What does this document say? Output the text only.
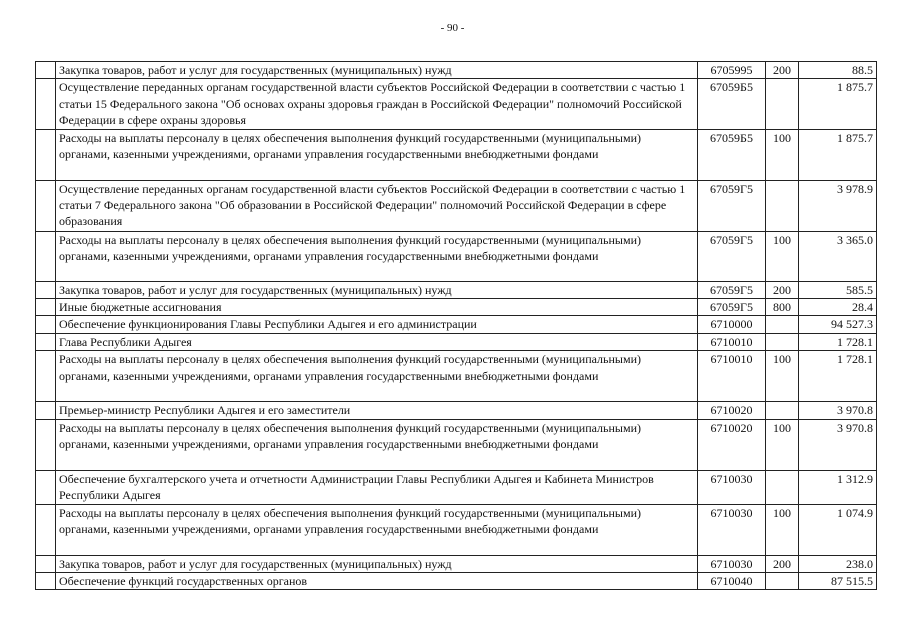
- 90 -
	Закупка товаров, работ и услуг для государственных (муниципальных) нужд	6705995	200	88.5
	Осуществление переданных органам государственной власти субъектов Российской Федерации в соответствии с частью 1 статьи 15 Федерального закона "Об основах охраны здоровья граждан в Российской Федерации" полномочий Российской Федерации в сфере охраны здоровья	67059Б5		1 875.7
	Расходы на выплаты персоналу в целях обеспечения выполнения функций государственными (муниципальными) органами, казенными учреждениями, органами управления государственными внебюджетными фондами	67059Б5	100	1 875.7
	Осуществление переданных органам государственной власти субъектов Российской Федерации в соответствии с частью 1 статьи 7 Федерального закона "Об образовании в Российской Федерации" полномочий Российской Федерации в сфере образования	67059Г5		3 978.9
	Расходы на выплаты персоналу в целях обеспечения выполнения функций государственными (муниципальными) органами, казенными учреждениями, органами управления государственными внебюджетными фондами	67059Г5	100	3 365.0
	Закупка товаров, работ и услуг для государственных (муниципальных) нужд	67059Г5	200	585.5
	Иные бюджетные ассигнования	67059Г5	800	28.4
	Обеспечение функционирования Главы Республики Адыгея и его администрации	6710000		94 527.3
	Глава Республики Адыгея	6710010		1 728.1
	Расходы на выплаты персоналу в целях обеспечения выполнения функций государственными (муниципальными) органами, казенными учреждениями, органами управления государственными внебюджетными фондами	6710010	100	1 728.1
	Премьер-министр Республики Адыгея и его заместители	6710020		3 970.8
	Расходы на выплаты персоналу в целях обеспечения выполнения функций государственными (муниципальными) органами, казенными учреждениями, органами управления государственными внебюджетными фондами	6710020	100	3 970.8
	Обеспечение бухгалтерского учета и отчетности Администрации Главы Республики Адыгея и Кабинета Министров Республики Адыгея	6710030		1 312.9
	Расходы на выплаты персоналу в целях обеспечения выполнения функций государственными (муниципальными) органами, казенными учреждениями, органами управления государственными внебюджетными фондами	6710030	100	1 074.9
	Закупка товаров, работ и услуг для государственных (муниципальных) нужд	6710030	200	238.0
	Обеспечение функций государственных органов	6710040		87 515.5
